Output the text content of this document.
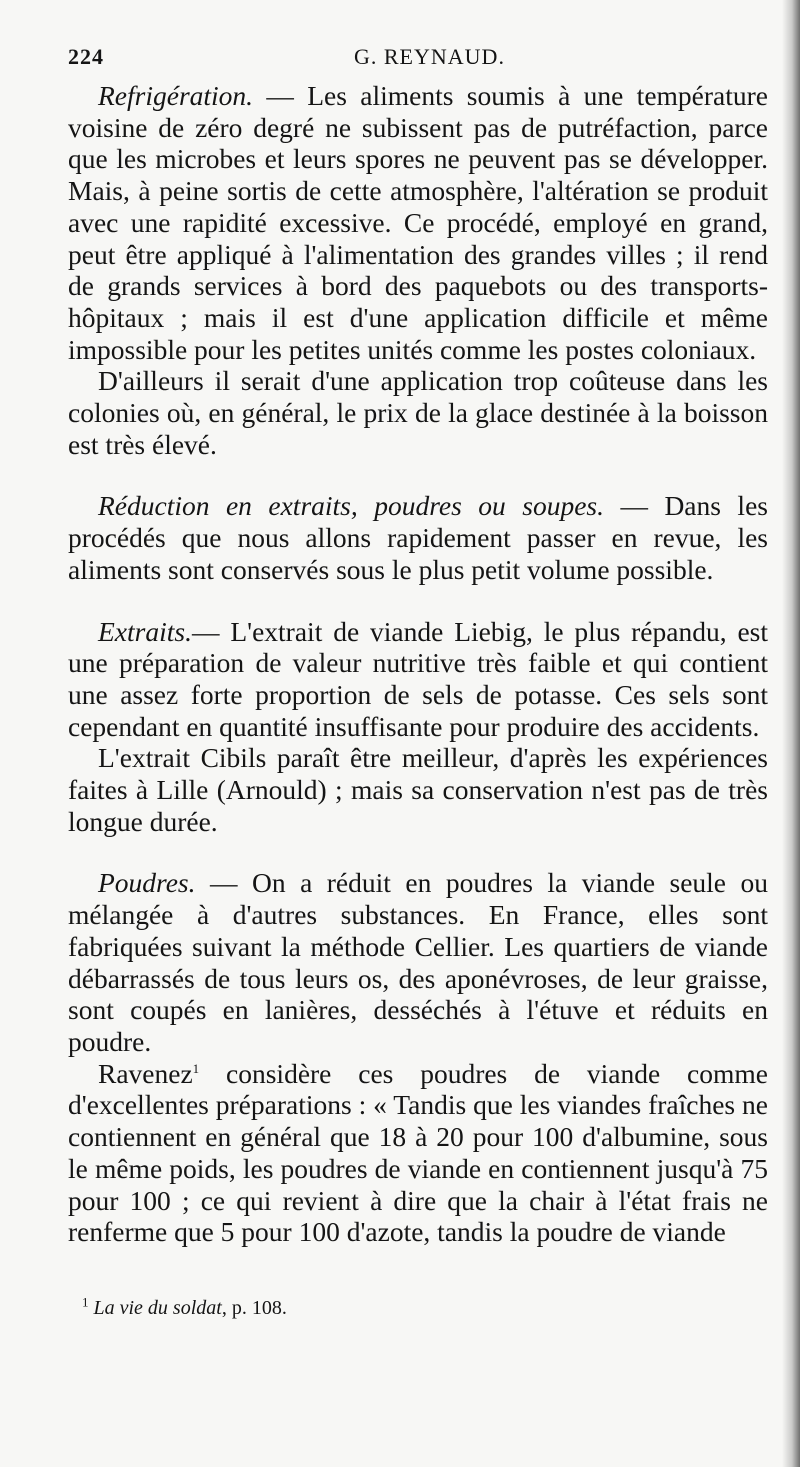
224	G. REYNAUD.

Refrigération. — Les aliments soumis à une température voisine de zéro degré ne subissent pas de putréfaction, parce que les microbes et leurs spores ne peuvent pas se développer. Mais, à peine sortis de cette atmosphère, l'altération se produit avec une rapidité excessive. Ce procédé, employé en grand, peut être appliqué à l'alimentation des grandes villes ; il rend de grands services à bord des paquebots ou des transports-hôpitaux ; mais il est d'une application difficile et même impossible pour les petites unités comme les postes coloniaux.

D'ailleurs il serait d'une application trop coûteuse dans les colonies où, en général, le prix de la glace destinée à la boisson est très élevé.

Réduction en extraits, poudres ou soupes. — Dans les procédés que nous allons rapidement passer en revue, les aliments sont conservés sous le plus petit volume possible.

Extraits.— L'extrait de viande Liebig, le plus répandu, est une préparation de valeur nutritive très faible et qui contient une assez forte proportion de sels de potasse. Ces sels sont cependant en quantité insuffisante pour produire des accidents.

L'extrait Cibils paraît être meilleur, d'après les expériences faites à Lille (Arnould) ; mais sa conservation n'est pas de très longue durée.

Poudres. — On a réduit en poudres la viande seule ou mélangée à d'autres substances. En France, elles sont fabriquées suivant la méthode Cellier. Les quartiers de viande débarrassés de tous leurs os, des aponévroses, de leur graisse, sont coupés en lanières, desséchés à l'étuve et réduits en poudre.

Ravenez$^1$ considère ces poudres de viande comme d'excellentes préparations : « Tandis que les viandes fraîches ne contiennent en général que 18 à 20 pour 100 d'albumine, sous le même poids, les poudres de viande en contiennent jusqu'à 75 pour 100 ; ce qui revient à dire que la chair à l'état frais ne renferme que 5 pour 100 d'azote, tandis la poudre de viande

$^1$ La vie du soldat, p. 108.
